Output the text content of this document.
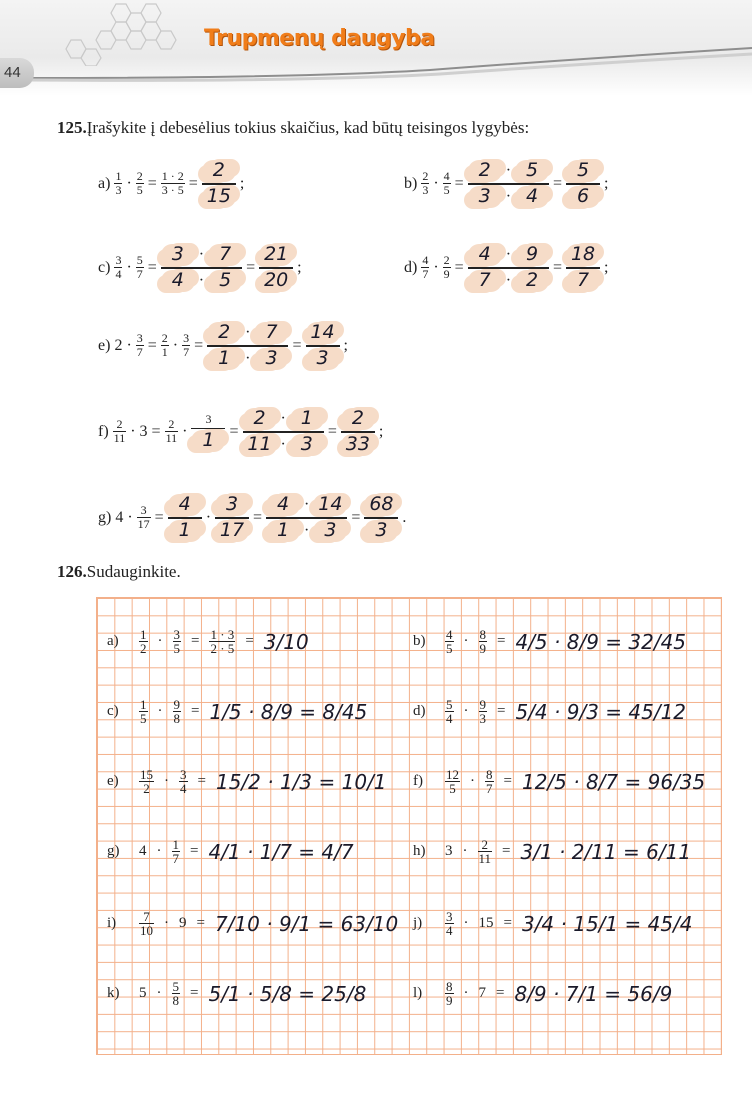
44
Trupmenų daugyba
125.Įrašykite į debesėlius tokius skaičius, kad būtų teisingos lygybės:
$a) \frac{1}{3} \cdot \frac{2}{5} = \frac{1 \cdot 2}{3 \cdot 5}$ =
2
15
;	$b) \frac{2}{3} \cdot \frac{4}{5}$ =
2 · 5
3 · 4
=
5
6
;
$c) \frac{3}{4} \cdot \frac{5}{7}$ =
3 · 7
4 · 5
=
21
20
;	$d) \frac{4}{7} \cdot \frac{2}{9}$ =
4 · 9
7 · 2
=
18
7
;
e) $2 \cdot \frac{3}{7} = \frac{2}{1} \cdot \frac{3}{7}$ =
2 · 7
1 · 3
=
14
3
;
$f) \frac{2}{11} \cdot 3 = \frac{2}{11}$ ·
3
1 =
2 · 1
11 · 3
=
2
33
;
g) $4 \cdot \frac{3}{17}$ =
4
1
·
3
17
=
4 · 14
1 · 3
=
68
3
.
126.Sudauginkite.
a)	$\frac{1}{2} \cdot \frac{3}{5} = \frac{1 \cdot 3}{2 \cdot 5} = 3/10$	b)	$\frac{4}{5} \cdot \frac{8}{9} = 4/5 \cdot 8/9 = 32/45$
c)	$\frac{1}{5} \cdot \frac{9}{8} = 1/5 \cdot 8/9 = 8/45$	d)	$\frac{5}{4} \cdot \frac{9}{3} = 5/4 \cdot 9/3 = 45/12$
e)	$\frac{15}{2} \cdot \frac{3}{4} = 15/2 \cdot 1/3 = 10/1$ f)	$\frac{12}{5} \cdot \frac{8}{7} = 12/5 \cdot 8/7 = 96/35$
g)	$4 \cdot \frac{1}{7} = 4/1 \cdot 1/7 = 4/7$	h)	$3 \cdot \frac{2}{11} = 3/1 \cdot 2/11 = 6/11$
i)	$\frac{7}{10} \cdot 9 = 7/10 \cdot 9/1 = 63/10$ j)	$\frac{3}{4} \cdot 15 = 3/4 \cdot 15/1 = 45/4$
k)	$5 \cdot \frac{5}{8} = 5/1 \cdot 5/8 = 25/8$	l)	$\frac{8}{9} \cdot 7 = 8/9 \cdot 7/1 = 56/9$
